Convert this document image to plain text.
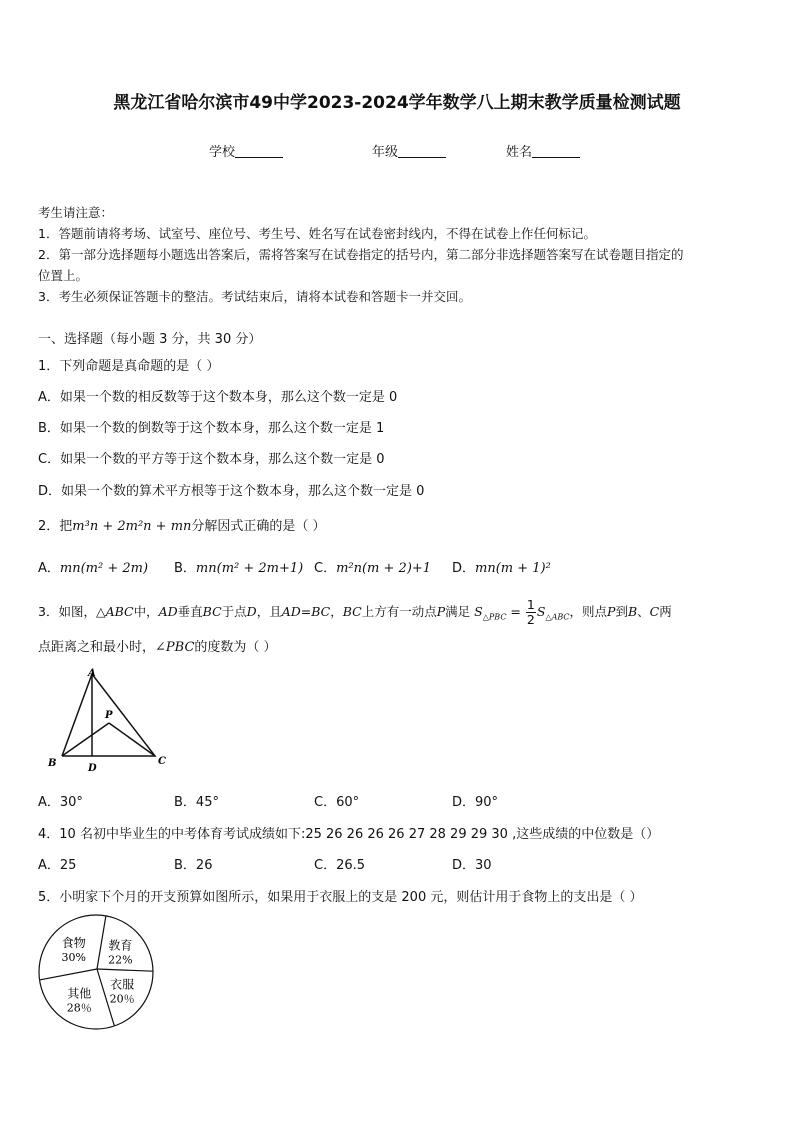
黑龙江省哈尔滨市49中学2023-2024学年数学八上期末教学质量检测试题
学校	年级	姓名
考生请注意：
1．答题前请将考场、试室号、座位号、考生号、姓名写在试卷密封线内，不得在试卷上作任何标记。
2．第一部分选择题每小题选出答案后，需将答案写在试卷指定的括号内，第二部分非选择题答案写在试卷题目指定的
位置上。
3．考生必须保证答题卡的整洁。考试结束后，请将本试卷和答题卡一并交回。
一、选择题（每小题 3 分，共 30 分）
1．下列命题是真命题的是（ ）
A．如果一个数的相反数等于这个数本身，那么这个数一定是 0
B．如果一个数的倒数等于这个数本身，那么这个数一定是 1
C．如果一个数的平方等于这个数本身，那么这个数一定是 0
D．如果一个数的算术平方根等于这个数本身，那么这个数一定是 0
2．把m³n + 2m²n + mn分解因式正确的是（ ）
A．mn(m² + 2m) B．mn(m² + 2m+1) C．m²n(m + 2)+1 D．mn(m + 1)²
3．如图，△ABC中，AD垂直BC于点D，且AD=BC，BC上方有一动点P满足 $S_{\triangle PBC} = \frac{1}{2} S_{\triangle ABC}$，则点P到B、C两
点距离之和最小时，∠PBC的度数为（ ）
A
B	C
D
P
A．30°	B．45°	C．60°	D．90°
4．10 名初中毕业生的中考体育考试成绩如下:25 26 26 26 26 27 28 29 29 30 ,这些成绩的中位数是（）
A．25	B．26	C．26.5	D．30
5．小明家下个月的开支预算如图所示，如果用于衣服上的支是 200 元，则估计用于食物上的支出是（ ）
教育
22%
衣服
20％
其他
28％
食物
30%
